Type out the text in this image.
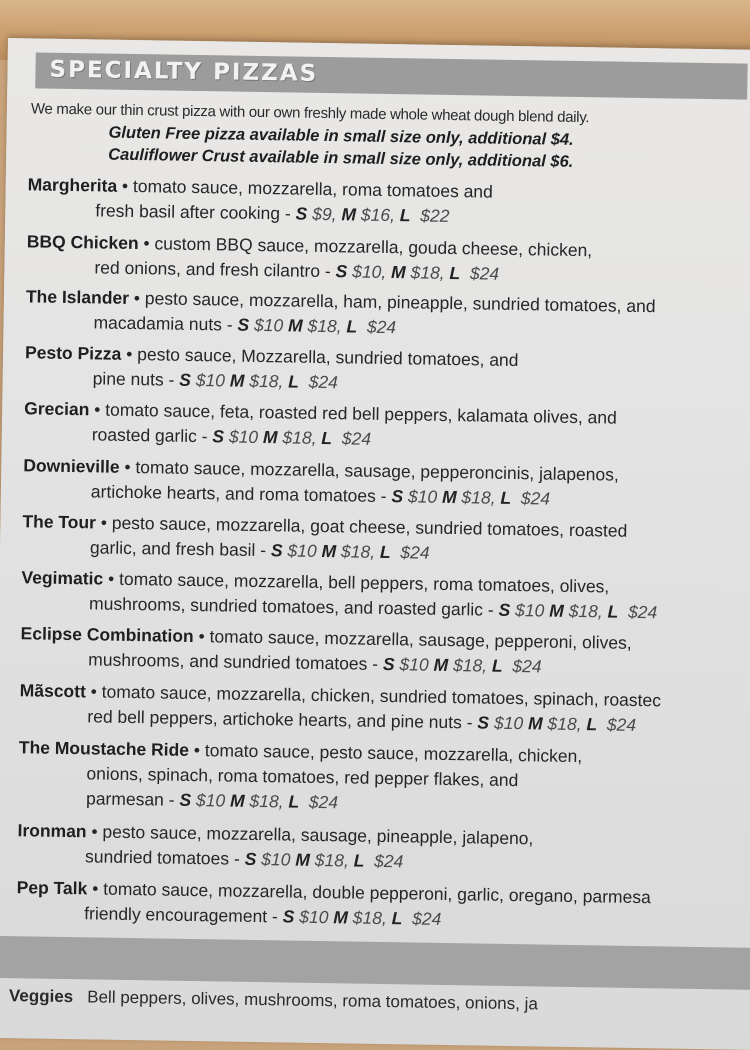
SPECIALTY PIZZAS
We make our thin crust pizza with our own freshly made whole wheat dough blend daily.
Gluten Free pizza available in small size only, additional $4.
Cauliflower Crust available in small size only, additional $6.
Margherita • tomato sauce, mozzarella, roma tomatoes and
fresh basil after cooking - S $9, M $16, L $22
BBQ Chicken • custom BBQ sauce, mozzarella, gouda cheese, chicken,
red onions, and fresh cilantro - S $10, M $18, L $24
The Islander • pesto sauce, mozzarella, ham, pineapple, sundried tomatoes, and
macadamia nuts - S $10 M $18, L $24
Pesto Pizza • pesto sauce, Mozzarella, sundried tomatoes, and
pine nuts - S $10 M $18, L $24
Grecian • tomato sauce, feta, roasted red bell peppers, kalamata olives, and
roasted garlic - S $10 M $18, L $24
Downieville • tomato sauce, mozzarella, sausage, pepperoncinis, jalapenos,
artichoke hearts, and roma tomatoes - S $10 M $18, L $24
The Tour • pesto sauce, mozzarella, goat cheese, sundried tomatoes, roasted
garlic, and fresh basil - S $10 M $18, L $24
Vegimatic • tomato sauce, mozzarella, bell peppers, roma tomatoes, olives,
mushrooms, sundried tomatoes, and roasted garlic - S $10 M $18, L $24
Eclipse Combination • tomato sauce, mozzarella, sausage, pepperoni, olives,
mushrooms, and sundried tomatoes - S $10 M $18, L $24
Mãscott • tomato sauce, mozzarella, chicken, sundried tomatoes, spinach, roastec
red bell peppers, artichoke hearts, and pine nuts - S $10 M $18, L $24
The Moustache Ride • tomato sauce, pesto sauce, mozzarella, chicken,
onions, spinach, roma tomatoes, red pepper flakes, and
parmesan - S $10 M $18, L $24
Ironman • pesto sauce, mozzarella, sausage, pineapple, jalapeno,
sundried tomatoes - S $10 M $18, L $24
Pep Talk • tomato sauce, mozzarella, double pepperoni, garlic, oregano, parmesa
friendly encouragement - S $10 M $18, L $24
Veggies Bell peppers, olives, mushrooms, roma tomatoes, onions, ja
